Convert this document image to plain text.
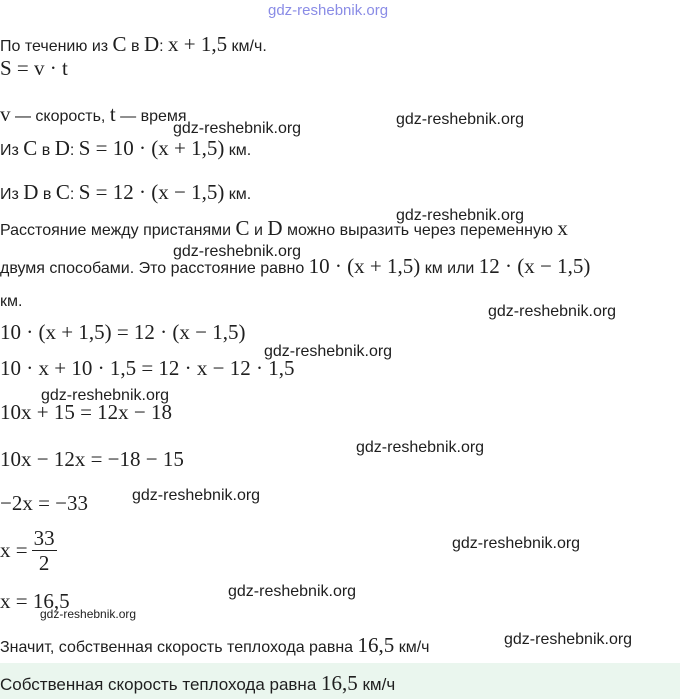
gdz-reshebnik.org
gdz-reshebnik.org
gdz-reshebnik.org
gdz-reshebnik.org
gdz-reshebnik.org
gdz-reshebnik.org
gdz-reshebnik.org
gdz-reshebnik.org
gdz-reshebnik.org
gdz-reshebnik.org
gdz-reshebnik.org
gdz-reshebnik.org
gdz-reshebnik.org
gdz-reshebnik.org
По течению из C в D: x + 1,5 км/ч.
S = v · t
v — скорость, t — время
Из C в D: S = 10 · (x + 1,5) км.
Из D в C: S = 12 · (x − 1,5) км.
Расстояние между пристанями C и D можно выразить через переменную x
двумя способами. Это расстояние равно 10 · (x + 1,5) км или 12 · (x − 1,5)
км.
10 · (x + 1,5) = 12 · (x − 1,5)
10 · x + 10 · 1,5 = 12 · x − 12 · 1,5
10x + 15 = 12x − 18
10x − 12x = −18 − 15
−2x = −33
$x = \frac{33}{2}$
x = 16,5
Значит, собственная скорость теплохода равна 16,5 км/ч
Собственная скорость теплохода равна 16,5 км/ч
